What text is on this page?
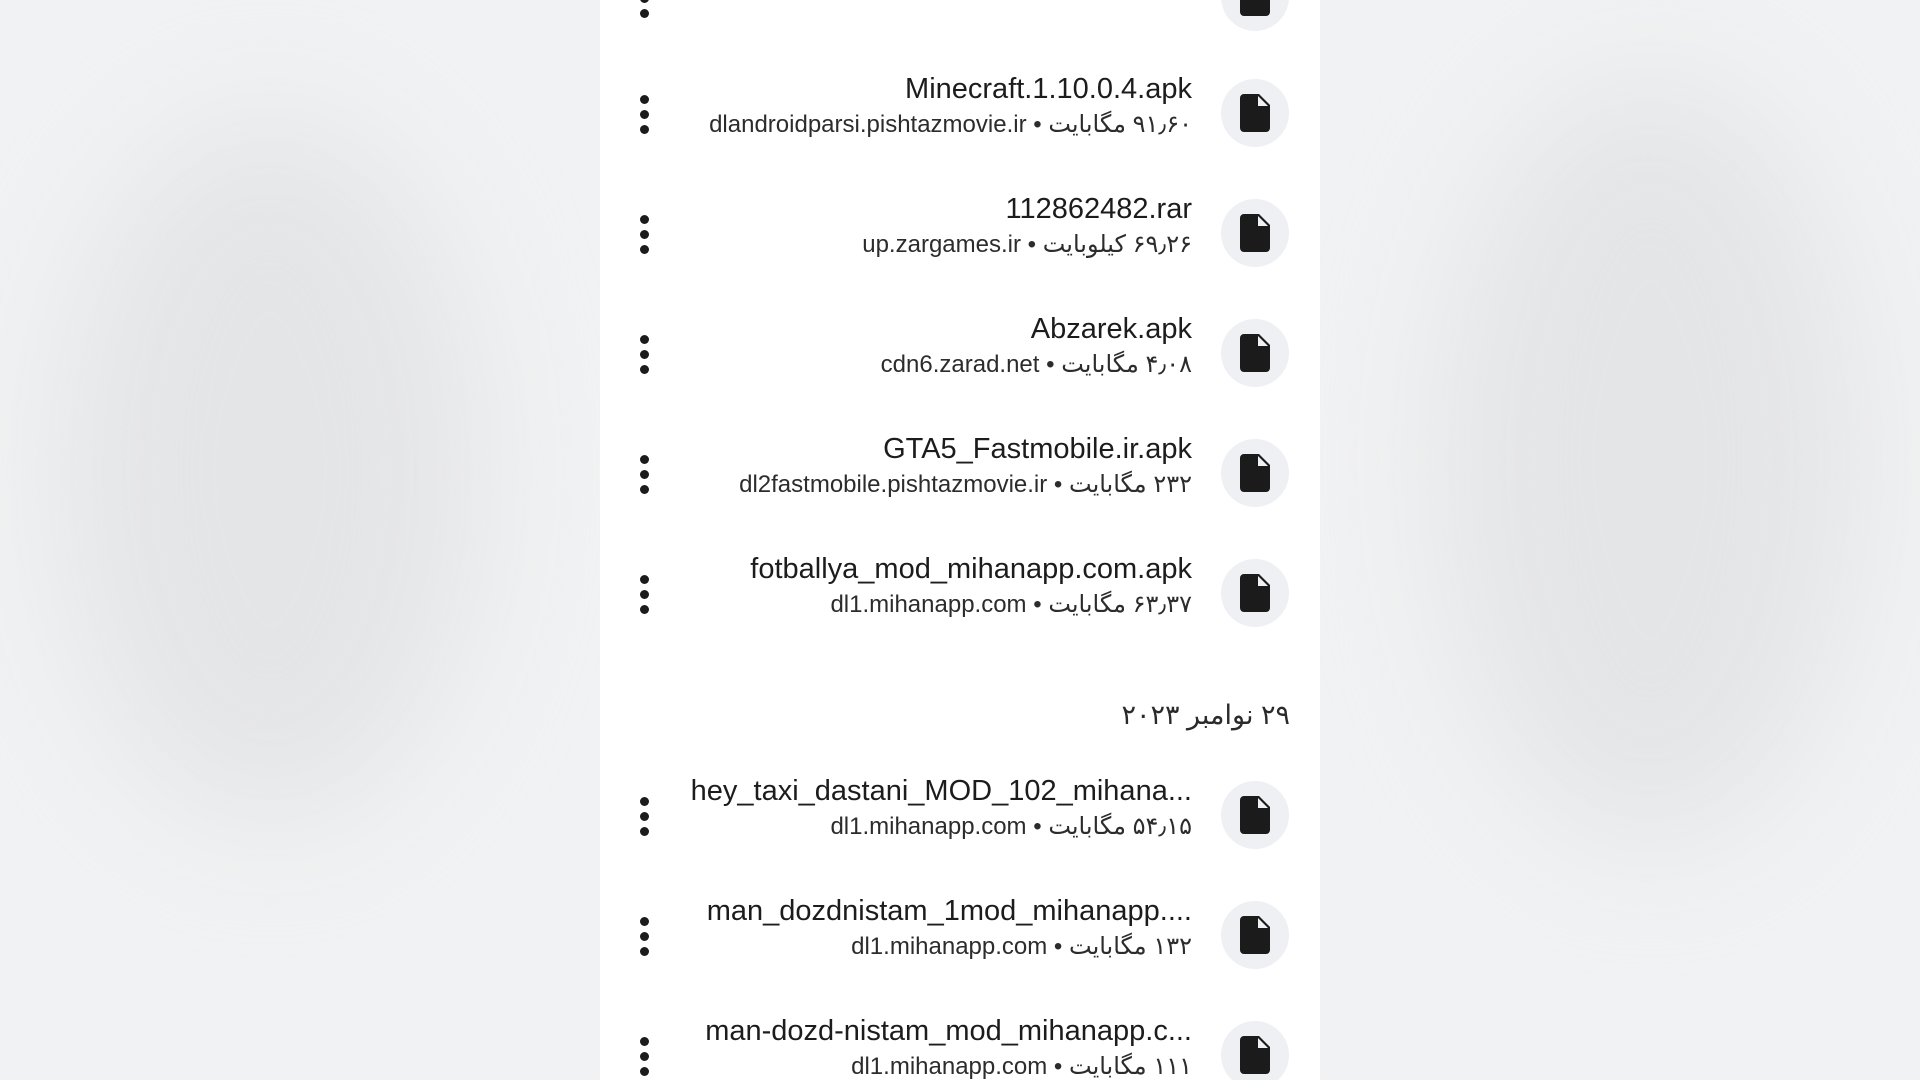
Minecraft.1.10.0.4.apk
dlandroidparsi.pishtazmovie.ir • ۹۱٫۶۰ مگابایت
112862482.rar
up.zargames.ir • ۶۹٫۲۶ کیلوبایت
Abzarek.apk
cdn6.zarad.net • ۴٫۰۸ مگابایت
GTA5_Fastmobile.ir.apk
dl2fastmobile.pishtazmovie.ir • ۲۳۲ مگابایت
fotballya_mod_mihanapp.com.apk
dl1.mihanapp.com • ۶۳٫۳۷ مگابایت
۲۹ نوامبر ۲۰۲۳
hey_taxi_dastani_MOD_102_mihana...
dl1.mihanapp.com • ۵۴٫۱۵ مگابایت
man_dozdnistam_1mod_mihanapp....
dl1.mihanapp.com • ۱۳۲ مگابایت
man-dozd-nistam_mod_mihanapp.c...
dl1.mihanapp.com • ۱۱۱ مگابایت
